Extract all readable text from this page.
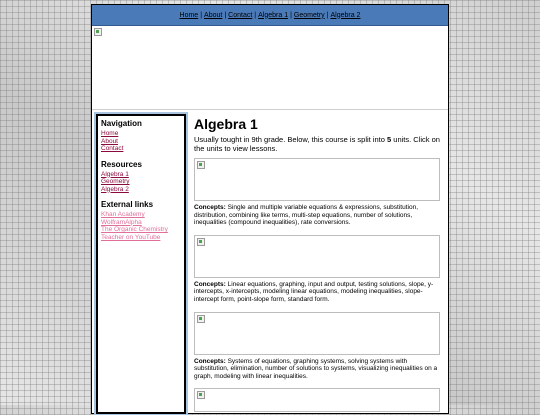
Home | About | Contact | Algebra 1 | Geometry | Algebra 2
Navigation
Home
About
Contact
Resources
Algebra 1
Geometry
Algebra 2
External links
Khan Academy
WolframAlpha
The Organic Chemistry Teacher on YouTube
Algebra 1

Usually tought in 9th grade. Below, this course is split into 5 units. Click on the units to view lessons.

Concepts: Single and multiple variable equations & expressions, substitution, distribution, combining like terms, multi-step equations, number of solutions, inequalities (compound inequalities), rate conversions.

Concepts: Linear equations, graphing, input and output, testing solutions, slope, y-intercepts, x-intercepts, modeling linear equations, modeling inequalities, slope-intercept form, point-slope form, standard form.

Concepts: Systems of equations, graphing systems, solving systems with substitution, elimination, number of solutions to systems, visualizing inequalities on a graph, modeling with linear inequalities.
